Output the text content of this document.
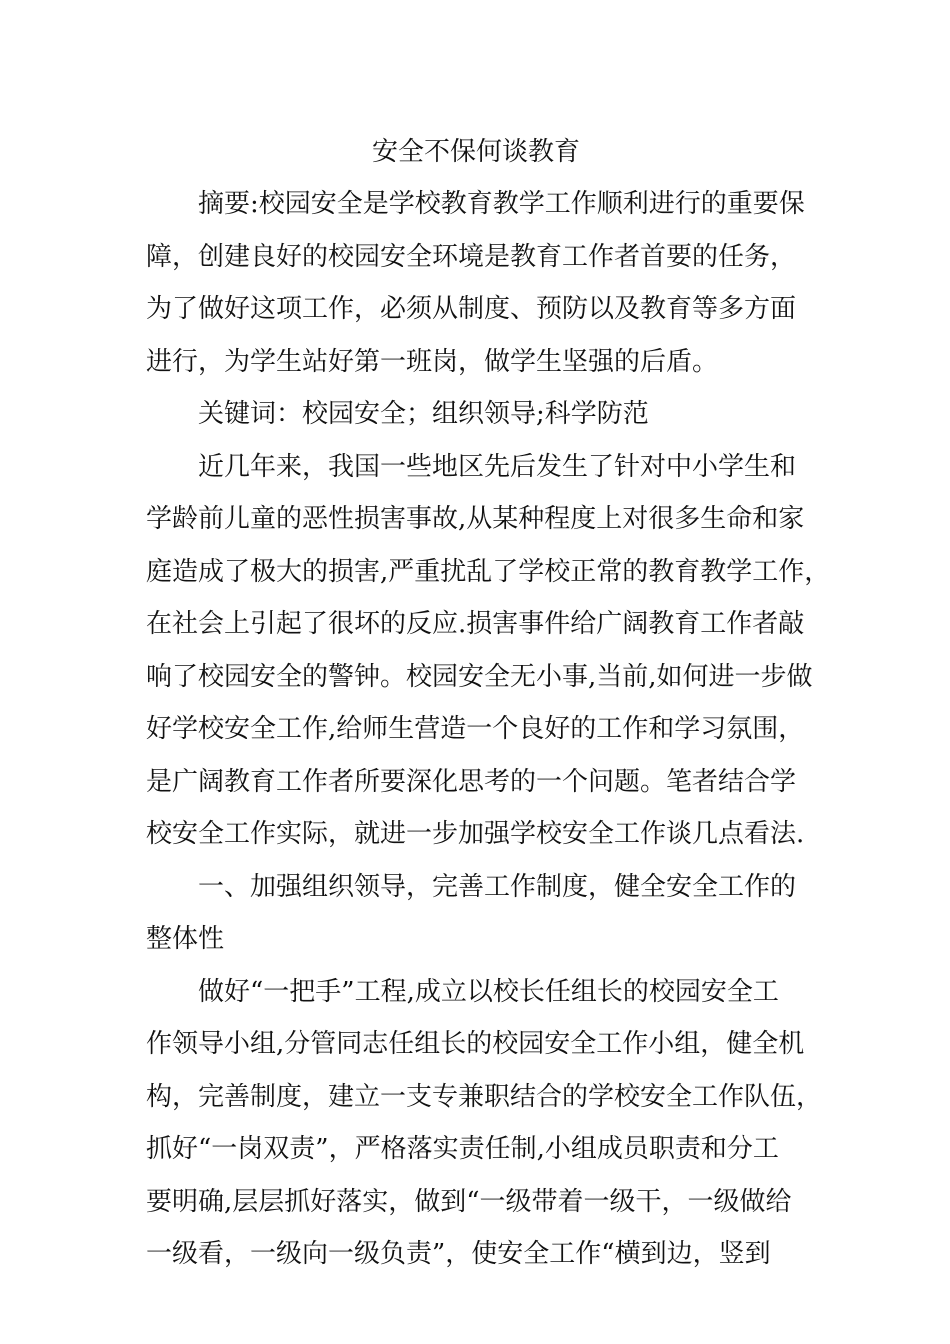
安全不保何谈教育

摘要:校园安全是学校教育教学工作顺利进行的重要保
障，创建良好的校园安全环境是教育工作者首要的任务，
为了做好这项工作，必须从制度、预防以及教育等多方面
进行，为学生站好第一班岗，做学生坚强的后盾。

关键词：校园安全；组织领导;科学防范

近几年来，我国一些地区先后发生了针对中小学生和
学龄前儿童的恶性损害事故,从某种程度上对很多生命和家
庭造成了极大的损害,严重扰乱了学校正常的教育教学工作，
在社会上引起了很坏的反应.损害事件给广阔教育工作者敲
响了校园安全的警钟。校园安全无小事,当前,如何进一步做
好学校安全工作,给师生营造一个良好的工作和学习氛围，
是广阔教育工作者所要深化思考的一个问题。笔者结合学
校安全工作实际，就进一步加强学校安全工作谈几点看法.

一、加强组织领导，完善工作制度，健全安全工作的
整体性

做好“一把手”工程,成立以校长任组长的校园安全工
作领导小组,分管同志任组长的校园安全工作小组，健全机
构，完善制度，建立一支专兼职结合的学校安全工作队伍，
抓好“一岗双责”，严格落实责任制,小组成员职责和分工
要明确,层层抓好落实，做到“一级带着一级干，一级做给
一级看，一级向一级负责”，使安全工作“横到边，竖到
